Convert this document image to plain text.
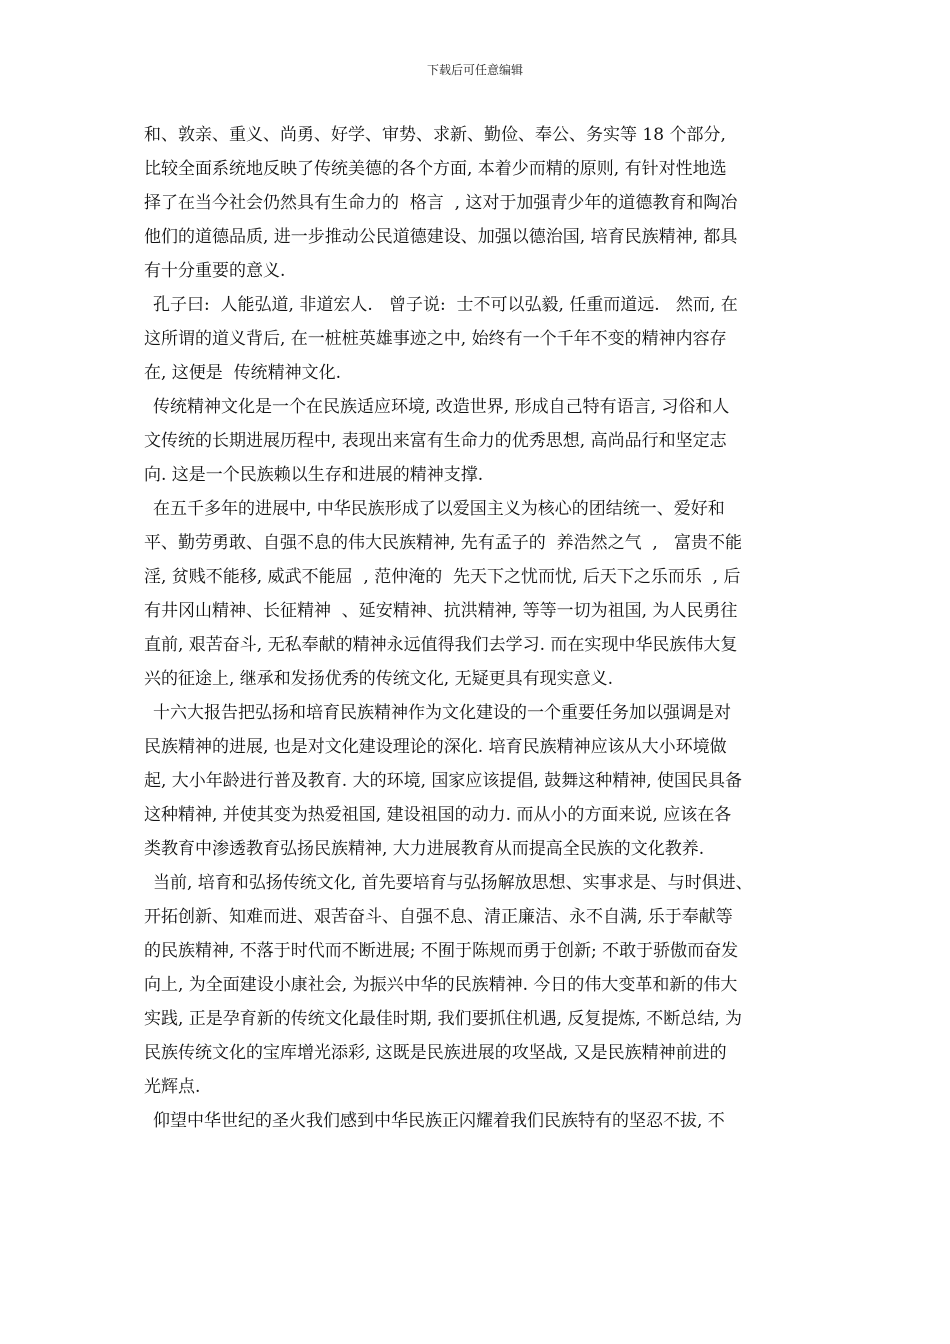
下载后可任意编辑
和、敦亲、重义、尚勇、好学、审势、求新、勤俭、奉公、务实等 18 个部分,
比较全面系统地反映了传统美德的各个方面, 本着少而精的原则, 有针对性地选
择了在当今社会仍然具有生命力的  格言  , 这对于加强青少年的道德教育和陶冶
他们的道德品质, 进一步推动公民道德建设、加强以德治国, 培育民族精神, 都具
有十分重要的意义.
孔子曰:  人能弘道, 非道宏人.   曾子说:  士不可以弘毅, 任重而道远.   然而, 在
这所谓的道义背后, 在一桩桩英雄事迹之中, 始终有一个千年不变的精神内容存
在, 这便是  传统精神文化.
传统精神文化是一个在民族适应环境, 改造世界, 形成自己特有语言, 习俗和人
文传统的长期进展历程中, 表现出来富有生命力的优秀思想, 高尚品行和坚定志
向. 这是一个民族赖以生存和进展的精神支撑.
在五千多年的进展中, 中华民族形成了以爱国主义为核心的团结统一、爱好和
平、勤劳勇敢、自强不息的伟大民族精神, 先有孟子的  养浩然之气  ,   富贵不能
淫, 贫贱不能移, 威武不能屈  , 范仲淹的  先天下之忧而忧, 后天下之乐而乐  , 后
有井冈山精神、长征精神  、延安精神、抗洪精神, 等等一切为祖国, 为人民勇往
直前, 艰苦奋斗, 无私奉献的精神永远值得我们去学习. 而在实现中华民族伟大复
兴的征途上, 继承和发扬优秀的传统文化, 无疑更具有现实意义.
十六大报告把弘扬和培育民族精神作为文化建设的一个重要任务加以强调是对
民族精神的进展, 也是对文化建设理论的深化. 培育民族精神应该从大小环境做
起, 大小年龄进行普及教育. 大的环境, 国家应该提倡, 鼓舞这种精神, 使国民具备
这种精神, 并使其变为热爱祖国, 建设祖国的动力. 而从小的方面来说, 应该在各
类教育中渗透教育弘扬民族精神, 大力进展教育从而提高全民族的文化教养.
当前, 培育和弘扬传统文化, 首先要培育与弘扬解放思想、实事求是、与时俱进、
开拓创新、知难而进、艰苦奋斗、自强不息、清正廉洁、永不自满, 乐于奉献等
的民族精神, 不落于时代而不断进展; 不囿于陈规而勇于创新; 不敢于骄傲而奋发
向上, 为全面建设小康社会, 为振兴中华的民族精神. 今日的伟大变革和新的伟大
实践, 正是孕育新的传统文化最佳时期, 我们要抓住机遇, 反复提炼, 不断总结, 为
民族传统文化的宝库增光添彩, 这既是民族进展的攻坚战, 又是民族精神前进的
光辉点.
仰望中华世纪的圣火我们感到中华民族正闪耀着我们民族特有的坚忍不拔, 不
